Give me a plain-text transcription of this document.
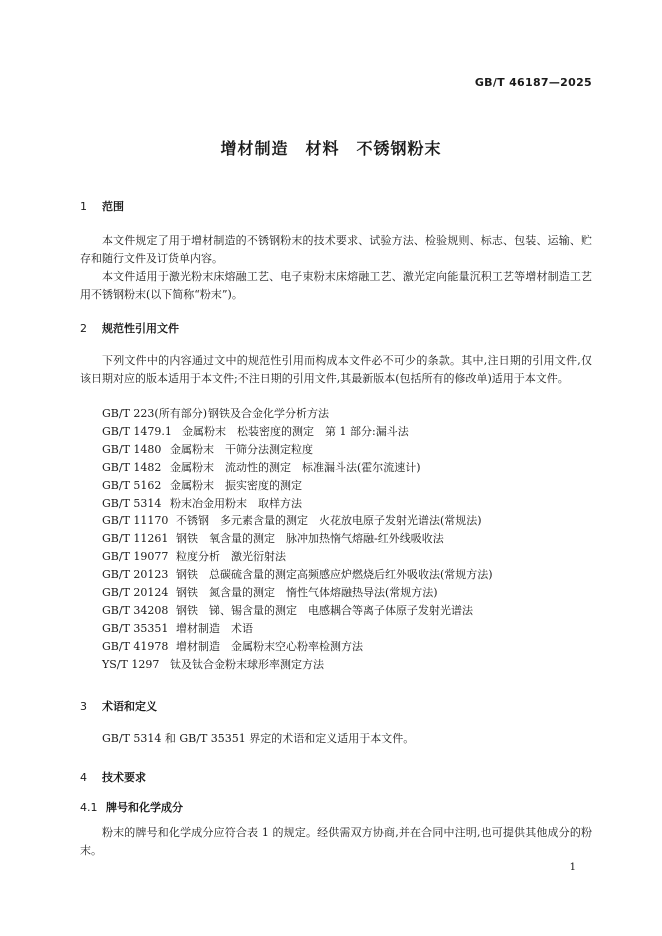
GB/T 46187—2025
增材制造　材料　不锈钢粉末
1 范围
本文件规定了用于增材制造的不锈钢粉末的技术要求、试验方法、检验规则、标志、包装、运输、贮存和随行文件及订货单内容。
本文件适用于激光粉末床熔融工艺、电子束粉末床熔融工艺、激光定向能量沉积工艺等增材制造工艺用不锈钢粉末(以下简称“粉末”)。
2 规范性引用文件
下列文件中的内容通过文中的规范性引用而构成本文件必不可少的条款。其中,注日期的引用文件,仅该日期对应的版本适用于本文件;不注日期的引用文件,其最新版本(包括所有的修改单)适用于本文件。
GB/T 223(所有部分)钢铁及合金化学分析方法
GB/T 1479.1 金属粉末　松装密度的测定　第 1 部分:漏斗法
GB/T 1480 金属粉末　干筛分法测定粒度
GB/T 1482 金属粉末　流动性的测定　标准漏斗法(霍尔流速计)
GB/T 5162 金属粉末　振实密度的测定
GB/T 5314 粉末冶金用粉末　取样方法
GB/T 11170 不锈钢　多元素含量的测定　火花放电原子发射光谱法(常规法)
GB/T 11261 钢铁　氧含量的测定　脉冲加热惰气熔融-红外线吸收法
GB/T 19077 粒度分析　激光衍射法
GB/T 20123 钢铁　总碳硫含量的测定高频感应炉燃烧后红外吸收法(常规方法)
GB/T 20124 钢铁　氮含量的测定　惰性气体熔融热导法(常规方法)
GB/T 34208 钢铁　锑、锡含量的测定　电感耦合等离子体原子发射光谱法
GB/T 35351 增材制造　术语
GB/T 41978 增材制造　金属粉末空心粉率检测方法
YS/T 1297 钛及钛合金粉末球形率测定方法
3 术语和定义
GB/T 5314 和 GB/T 35351 界定的术语和定义适用于本文件。
4 技术要求
4.1 牌号和化学成分
粉末的牌号和化学成分应符合表 1 的规定。经供需双方协商,并在合同中注明,也可提供其他成分的粉末。
1
